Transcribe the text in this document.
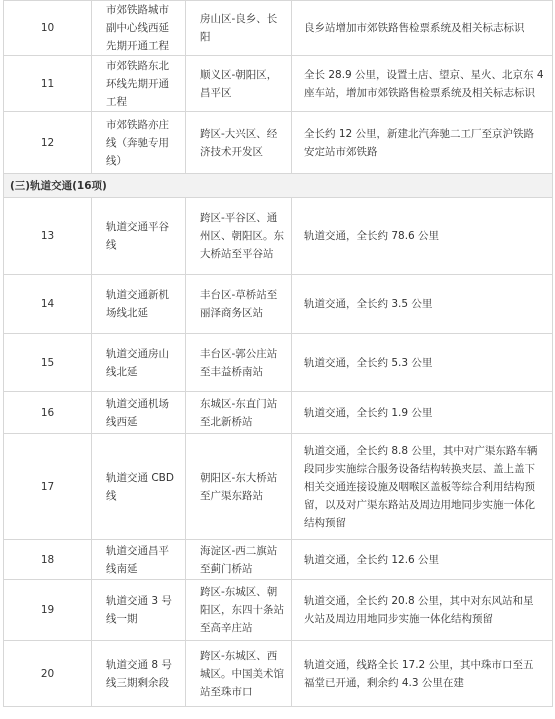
10	市郊铁路城市副中心线西延先期开通工程	房山区-良乡、长阳	良乡站增加市郊铁路售检票系统及相关标志标识
11	市郊铁路东北环线先期开通工程	顺义区-朝阳区，昌平区	全长 28.9 公里，设置土店、望京、星火、北京东 4 座车站，增加市郊铁路售检票系统及相关标志标识
12	市郊铁路亦庄线（奔驰专用线）	跨区-大兴区、经济技术开发区	全长约 12 公里，新建北汽奔驰二工厂至京沪铁路安定站市郊铁路
(三)轨道交通(16项)			
13	轨道交通平谷线	跨区-平谷区、通州区、朝阳区。东大桥站至平谷站	轨道交通，全长约 78.6 公里
14	轨道交通新机场线北延	丰台区-草桥站至丽泽商务区站	轨道交通，全长约 3.5 公里
15	轨道交通房山线北延	丰台区-郭公庄站至丰益桥南站	轨道交通，全长约 5.3 公里
16	轨道交通机场线西延	东城区-东直门站至北新桥站	轨道交通，全长约 1.9 公里
17	轨道交通 CBD 线	朝阳区-东大桥站至广渠东路站	轨道交通，全长约 8.8 公里，其中对广渠东路车辆段同步实施综合服务设备结构转换夹层、盖上盖下相关交通连接设施及咽喉区盖板等综合利用结构预留，以及对广渠东路站及周边用地同步实施一体化结构预留
18	轨道交通昌平线南延	海淀区-西二旗站至蓟门桥站	轨道交通，全长约 12.6 公里
19	轨道交通 3 号线一期	跨区-东城区、朝阳区，东四十条站至高辛庄站	轨道交通，全长约 20.8 公里，其中对东风站和星火站及周边用地同步实施一体化结构预留
20	轨道交通 8 号线三期剩余段	跨区-东城区、西城区。中国美术馆站至珠市口	轨道交通，线路全长 17.2 公里，其中珠市口至五福堂已开通，剩余约 4.3 公里在建
